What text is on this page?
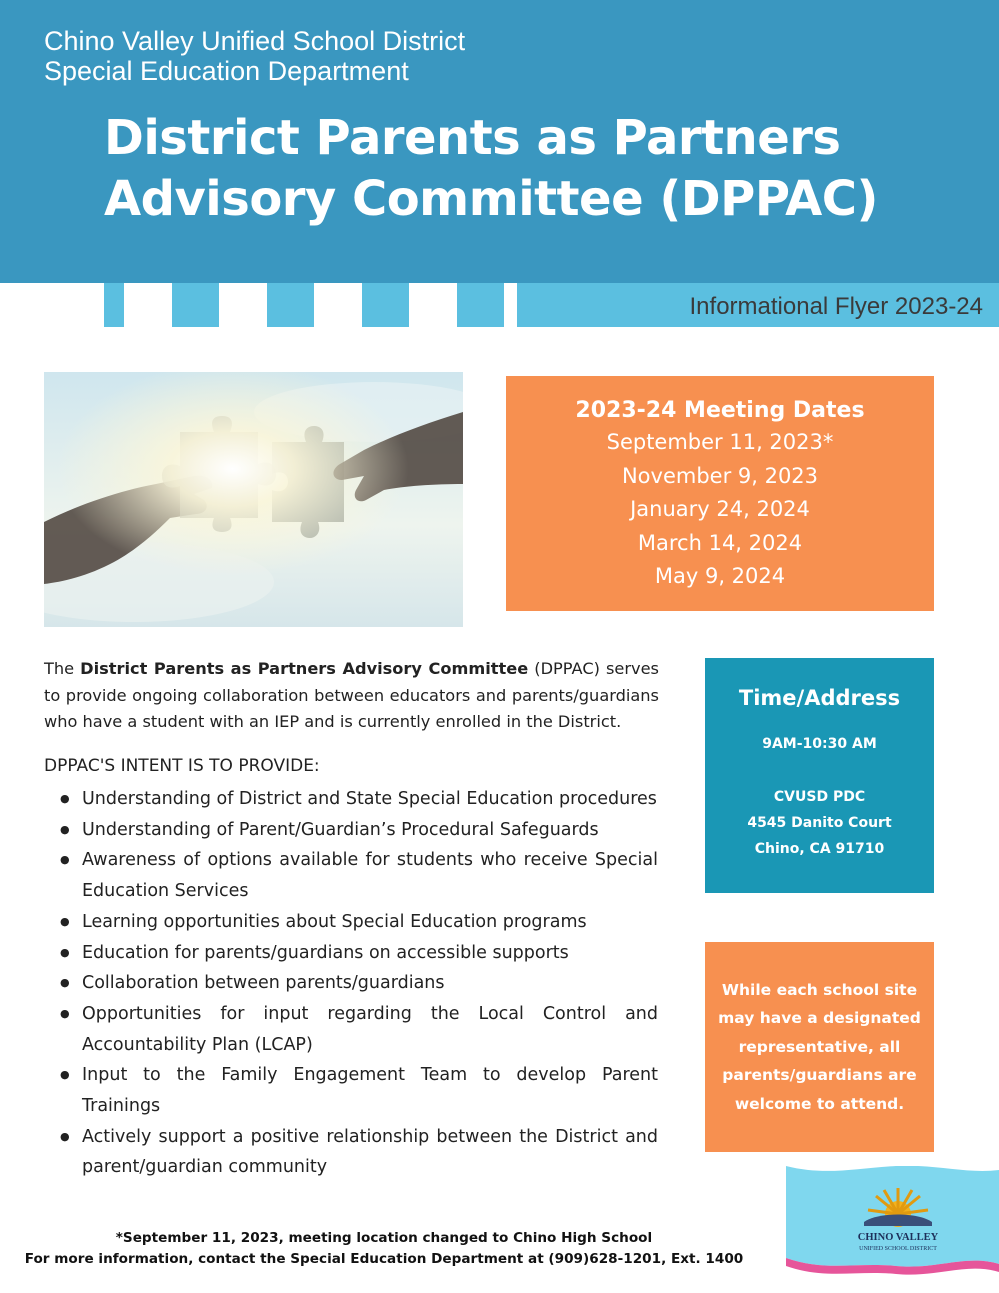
Chino Valley Unified School District
Special Education Department
District Parents as Partners
Advisory Committee (DPPAC)
Informational Flyer 2023-24
2023-24 Meeting Dates
September 11, 2023*
November 9, 2023
January 24, 2024
March 14, 2024
May 9, 2024
The District Parents as Partners Advisory Committee (DPPAC) serves to provide ongoing collaboration between educators and parents/guardians who have a student with an IEP and is currently enrolled in the District.
DPPAC'S INTENT IS TO PROVIDE:
● Understanding of District and State Special Education procedures
● Understanding of Parent/Guardian’s Procedural Safeguards
● Awareness of options available for students who receive Special Education Services
● Learning opportunities about Special Education programs
● Education for parents/guardians on accessible supports
● Collaboration between parents/guardians
● Opportunities for input regarding the Local Control and Accountability Plan (LCAP)
● Input to the Family Engagement Team to develop Parent Trainings
● Actively support a positive relationship between the District and parent/guardian community
Time/Address
9AM-10:30 AM
CVUSD PDC
4545 Danito Court
Chino, CA 91710
While each school site may have a designated representative, all parents/guardians are welcome to attend.
CHINO VALLEY
UNIFIED SCHOOL DISTRICT
*September 11, 2023, meeting location changed to Chino High School
For more information, contact the Special Education Department at (909)628-1201, Ext. 1400
